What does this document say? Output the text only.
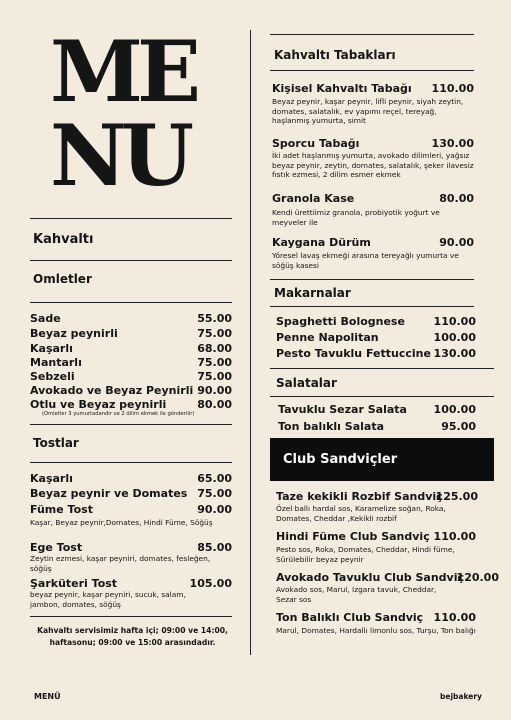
ME
NU
Kahvaltı
Omletler
Sade	55.00
Beyaz peynirli	75.00
Kaşarlı	68.00
Mantarlı	75.00
Sebzeli	75.00
Avokado ve Beyaz Peynirli 90.00
Otlu ve Beyaz peynirli	80.00
(Omletler 3 yumurtadandır ve 2 dilim ekmek ile gönderilir)
Tostlar
Kaşarlı	65.00
Beyaz peynir ve Domates 75.00
Füme Tost	90.00
Kaşar, Beyaz peynir,Domates, Hindi Füme, Söğüş
Ege Tost	85.00
Zeytin ezmesi, kaşar peyniri, domates, fesleğen, söğüş
Şarküteri Tost	105.00
beyaz peynir, kaşar peyniri, sucuk, salam, jambon, domates, söğüş
Kahvaltı servisimiz hafta içi; 09:00 ve 14:00, haftasonu; 09:00 ve 15:00 arasındadır.
MENÜ	bejbakery
Kahvaltı Tabakları
Kişisel Kahvaltı Tabağı 110.00
Beyaz peynir, kaşar peynir, lifli peynir, siyah zeytin, domates, salatalık, ev yapımı reçel, tereyağ, haşlanmış yumurta, simit
Sporcu Tabağı	130.00
İki adet haşlanmış yumurta, avokado dilimleri, yağsız beyaz peynir, zeytin, domates, salatalık, şeker ilavesiz fıstık ezmesi, 2 dilim esmer ekmek
Granola Kase	80.00
Kendi ürettiimiz granola, probiyotik yoğurt ve meyveler ile
Kaygana Dürüm	90.00
Yöresel lavaş ekmeği arasına tereyağlı yumurta ve söğüş kasesi
Makarnalar
Spaghetti Bolognese	110.00
Penne Napolitan	100.00
Pesto Tavuklu Fettuccine 130.00
Salatalar
Tavuklu Sezar Salata 100.00
Ton balıklı Salata	95.00
Club Sandviçler
Taze kekikli Rozbif Sandviç
125.00
Özel ballı hardal sos, Karamelize soğan, Roka, Domates, Cheddar ,Kekikli rozbif
Hindi Füme Club Sandviç 110.00
Pesto sos, Roka, Domates, Cheddar, Hindi füme, Sürülebilir beyaz peynir
Avokado Tavuklu Club Sandviç
120.00
Avokado sos, Marul, Izgara tavuk, Cheddar, Sezar sos
Ton Balıklı Club Sandviç 110.00
Marul, Domates, Hardallı limonlu sos, Turşu, Ton balığı
